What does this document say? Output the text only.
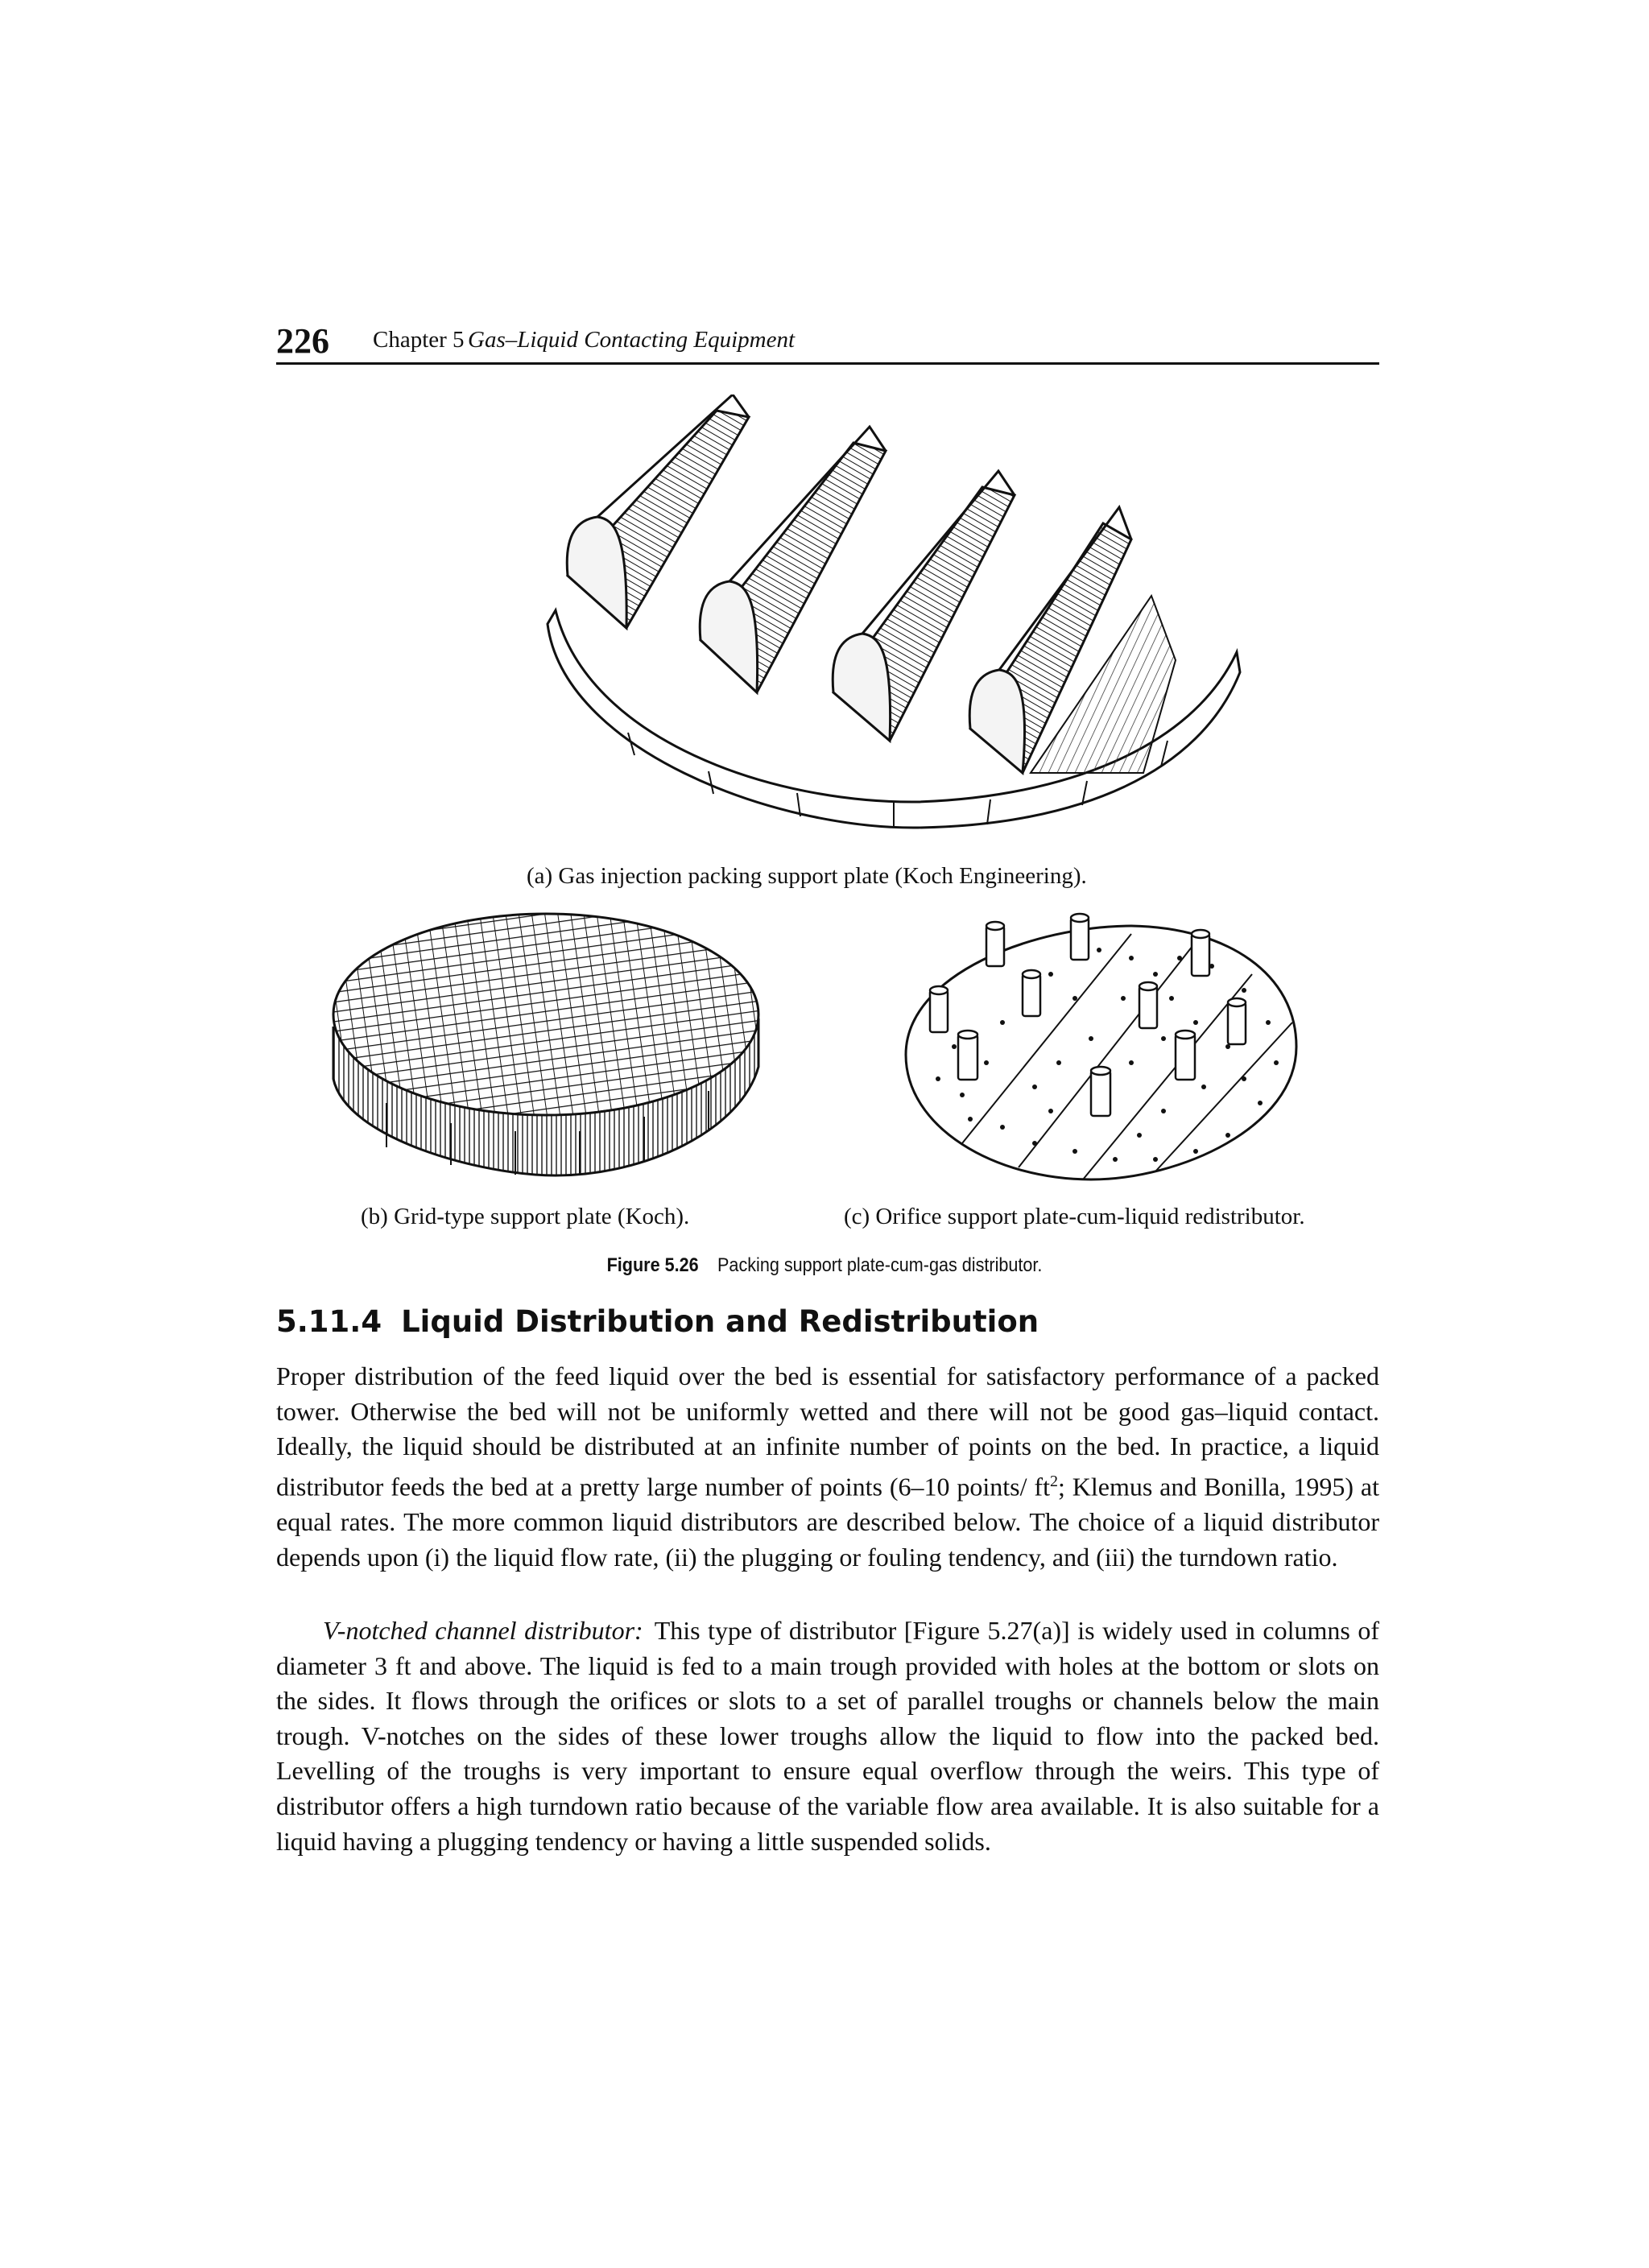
226 Chapter 5 Gas–Liquid Contacting Equipment
(a) Gas injection packing support plate (Koch Engineering).
(b) Grid-type support plate (Koch).	(c) Orifice support plate-cum-liquid redistributor.
Figure 5.26 Packing support plate-cum-gas distributor.
5.11.4 Liquid Distribution and Redistribution

Proper distribution of the feed liquid over the bed is essential for satisfactory performance of a packed tower. Otherwise the bed will not be uniformly wetted and there will not be good gas–liquid contact. Ideally, the liquid should be distributed at an infinite number of points on the bed. In practice, a liquid distributor feeds the bed at a pretty large number of points (6–10 points/ $ft^2$; Klemus and Bonilla, 1995) at equal rates. The more common liquid distributors are described below. The choice of a liquid distributor depends upon (i) the liquid flow rate, (ii) the plugging or fouling tendency, and (iii) the turndown ratio.

V-notched channel distributor: This type of distributor [Figure 5.27(a)] is widely used in columns of diameter 3 ft and above. The liquid is fed to a main trough provided with holes at the bottom or slots on the sides. It flows through the orifices or slots to a set of parallel troughs or channels below the main trough. V-notches on the sides of these lower troughs allow the liquid to flow into the packed bed. Levelling of the troughs is very important to ensure equal overflow through the weirs. This type of distributor offers a high turndown ratio because of the variable flow area available. It is also suitable for a liquid having a plugging tendency or having a little suspended solids.
